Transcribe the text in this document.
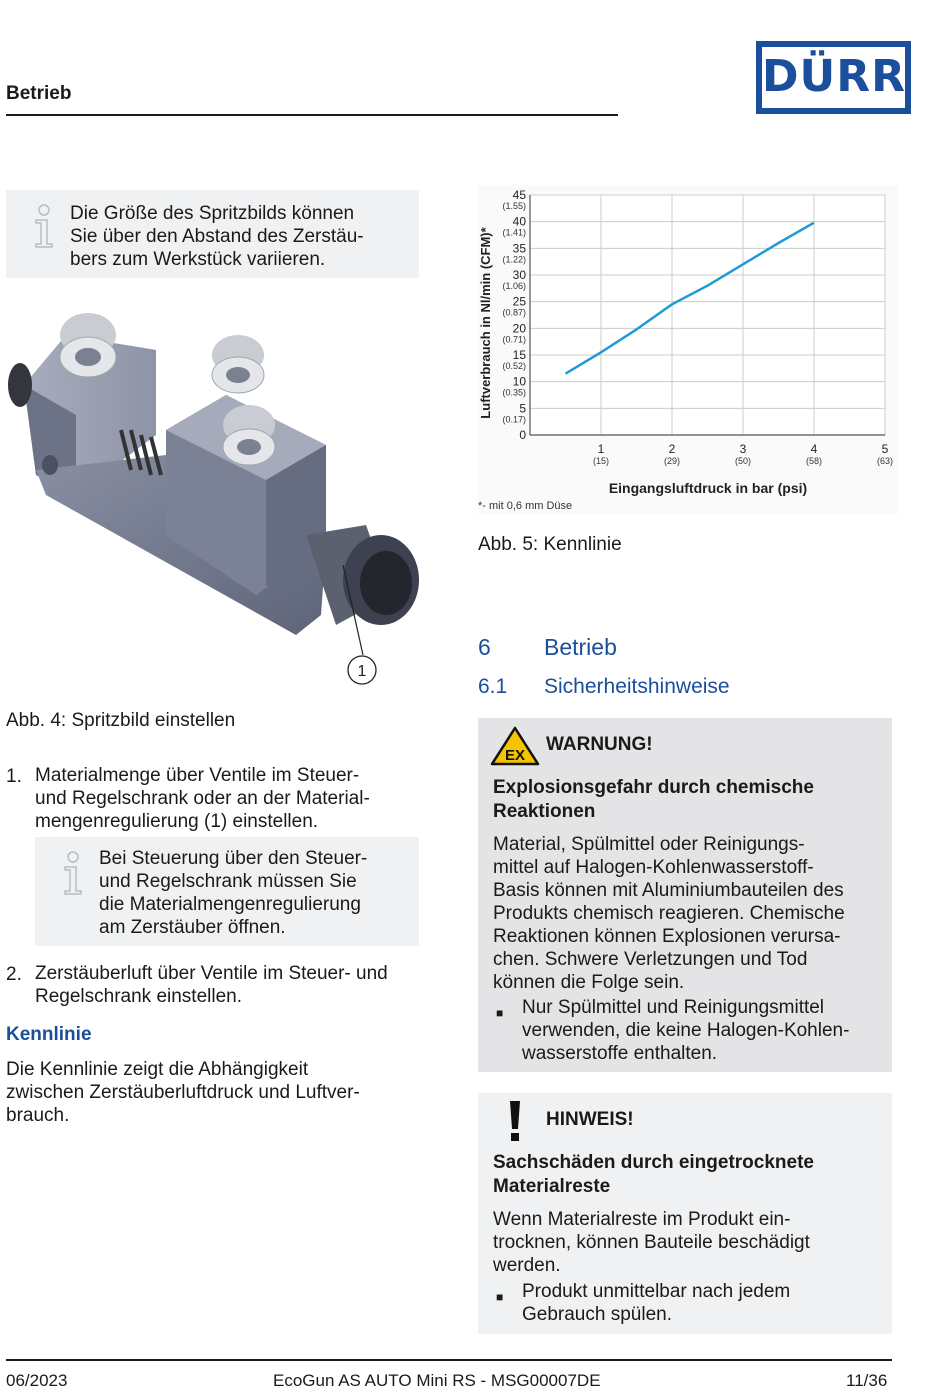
Betrieb	DÜRR
Die Größe des Spritzbilds können
Sie über den Abstand des Zerstäu-
bers zum Werkstück variieren.
1
Abb. 4: Spritzbild einstellen
1. Materialmenge über Ventile im Steuer-
und Regelschrank oder an der Material-
mengenregulierung (1) einstellen.
Bei Steuerung über den Steuer-
und Regelschrank müssen Sie
die Materialmengenregulierung
am Zerstäuber öffnen.
2. Zerstäuberluft über Ventile im Steuer- und
Regelschrank einstellen.
Kennlinie
Die Kennlinie zeigt die Abhängigkeit
zwischen Zerstäuberluftdruck und Luftver-
brauch.
0
5
(0.17)
10
(0.35)
15
(0.52)
20
(0.71)
25
(0.87)
30
(1.06)
35
(1.22)
40
(1.41)
45
(1.55)
1
(15)
2
(29)
3
(50)
4
(58)
5
(63)
Luftverbrauch in Nl/min (CFM)*
Eingangsluftdruck in bar (psi)
*- mit 0,6 mm Düse
Abb. 5: Kennlinie
6 Betrieb
6.1 Sicherheitshinweise
EX
WARNUNG!
Explosionsgefahr durch chemische
Reaktionen
Material, Spülmittel oder Reinigungs-
mittel auf Halogen-Kohlenwasserstoff-
Basis können mit Aluminiumbauteilen des
Produkts chemisch reagieren. Chemische
Reaktionen können Explosionen verursa-
chen. Schwere Verletzungen und Tod
können die Folge sein.
■ Nur Spülmittel und Reinigungsmittel
verwenden, die keine Halogen-Kohlen-
wasserstoffe enthalten.
HINWEIS!
Sachschäden durch eingetrocknete
Materialreste
Wenn Materialreste im Produkt ein-
trocknen, können Bauteile beschädigt
werden.
■ Produkt unmittelbar nach jedem
Gebrauch spülen.
06/2023	EcoGun AS AUTO Mini RS - MSG00007DE	11/36
